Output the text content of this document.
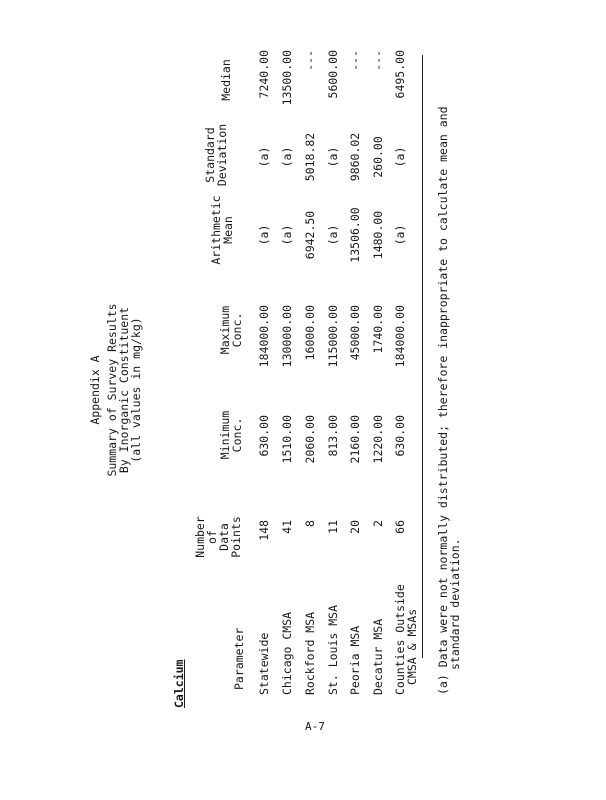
Appendix A Summary of Survey Results
By Inorganic Constituent
(all values in mg/kg)
Calcium	Parameter
Number
of
Data
Points
Minimum
Conc.
Maximum
Conc.
Arithmetic
Mean
Standard
Deviation
Median
Statewide
148
630.00
184000.00
(a)
(a)
7240.00
Chicago CMSA
41
1510.00
130000.00
(a)
(a)
13500.00
Rockford MSA
8
2060.00
16000.00
6942.50
5018.82
---
St. Louis MSA
11
813.00
115000.00
(a)
(a)
5600.00
Peoria MSA
20
2160.00
45000.00
13506.00
9860.02
---
Decatur MSA
2
1220.00
1740.00
1480.00
260.00
---
Counties Outside
CMSA & MSAs
66
630.00
184000.00
(a)
(a)
6495.00
(a) Data were not normally distributed; therefore inappropriate to calculate mean and
standard deviation.
A-7
